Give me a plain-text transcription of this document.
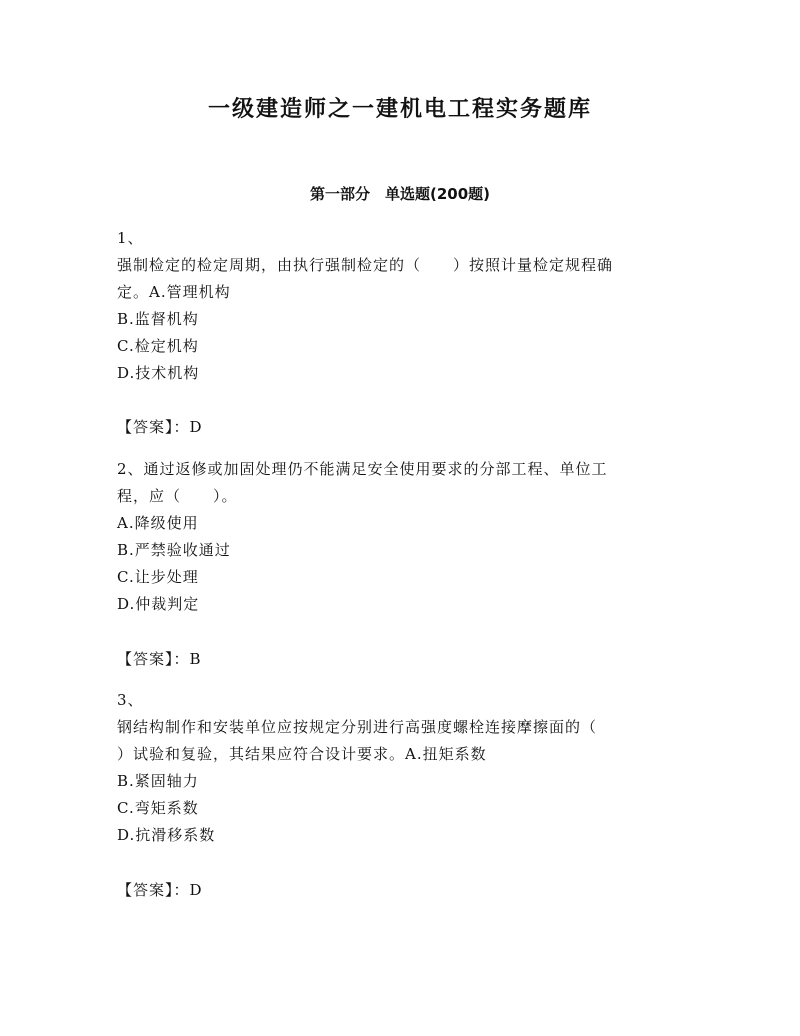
一级建造师之一建机电工程实务题库
第一部分　单选题(200题)
1、
强制检定的检定周期，由执行强制检定的（　　）按照计量检定规程确
定。A.管理机构
B.监督机构
C.检定机构
D.技术机构
【答案】：D
2、通过返修或加固处理仍不能满足安全使用要求的分部工程、单位工
程，应（　　）。
A.降级使用
B.严禁验收通过
C.让步处理
D.仲裁判定
【答案】：B
3、
钢结构制作和安装单位应按规定分别进行高强度螺栓连接摩擦面的（
）试验和复验，其结果应符合设计要求。A.扭矩系数
B.紧固轴力
C.弯矩系数
D.抗滑移系数
【答案】：D
